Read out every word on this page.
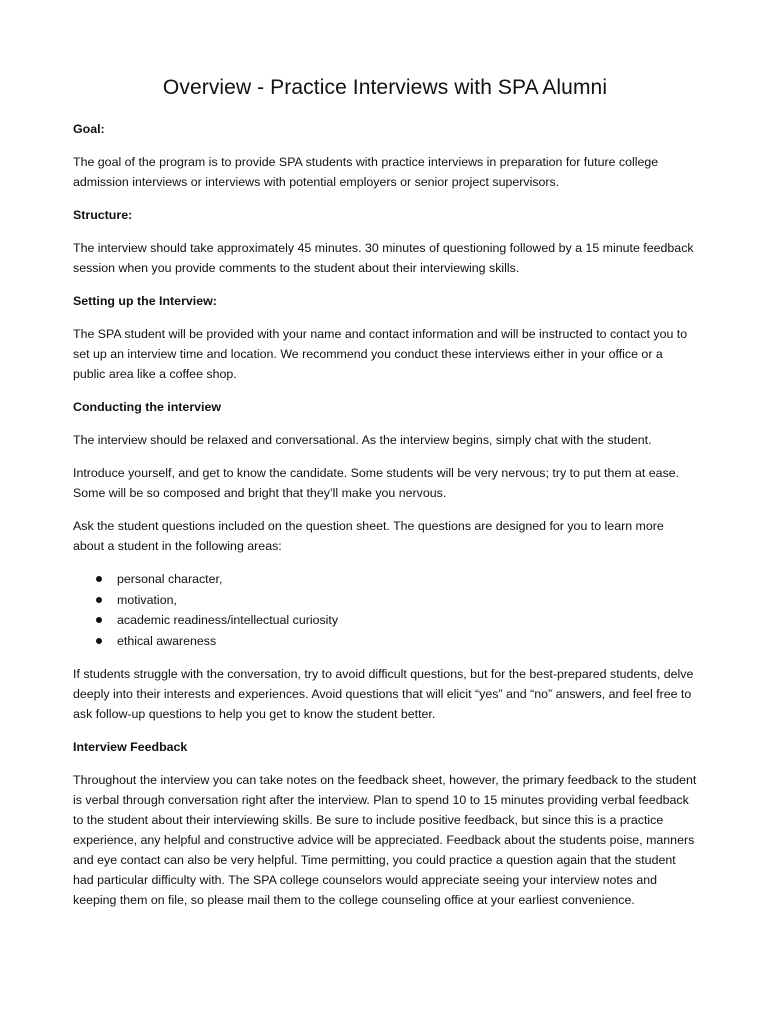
Overview - Practice Interviews with SPA Alumni
Goal:
The goal of the program is to provide SPA students with practice interviews in preparation for future college admission interviews or interviews with potential employers or senior project supervisors.
Structure:
The interview should take approximately 45 minutes. 30 minutes of questioning followed by a 15 minute feedback session when you provide comments to the student about their interviewing skills.
Setting up the Interview:
The SPA student will be provided with your name and contact information and will be instructed to contact you to set up an interview time and location. We recommend you conduct these interviews either in your office or a public area like a coffee shop.
Conducting the interview
The interview should be relaxed and conversational. As the interview begins, simply chat with the student.
Introduce yourself, and get to know the candidate. Some students will be very nervous; try to put them at ease. Some will be so composed and bright that they’ll make you nervous.
Ask the student questions included on the question sheet. The questions are designed for you to learn more about a student in the following areas:
personal character,
motivation,
academic readiness/intellectual curiosity
ethical awareness
If students struggle with the conversation, try to avoid difficult questions, but for the best-prepared students, delve deeply into their interests and experiences. Avoid questions that will elicit “yes” and “no” answers, and feel free to ask follow-up questions to help you get to know the student better.
Interview Feedback
Throughout the interview you can take notes on the feedback sheet, however, the primary feedback to the student is verbal through conversation right after the interview. Plan to spend 10 to 15 minutes providing verbal feedback to the student about their interviewing skills. Be sure to include positive feedback, but since this is a practice experience, any helpful and constructive advice will be appreciated. Feedback about the students poise, manners and eye contact can also be very helpful. Time permitting, you could practice a question again that the student had particular difficulty with. The SPA college counselors would appreciate seeing your interview notes and keeping them on file, so please mail them to the college counseling office at your earliest convenience.
